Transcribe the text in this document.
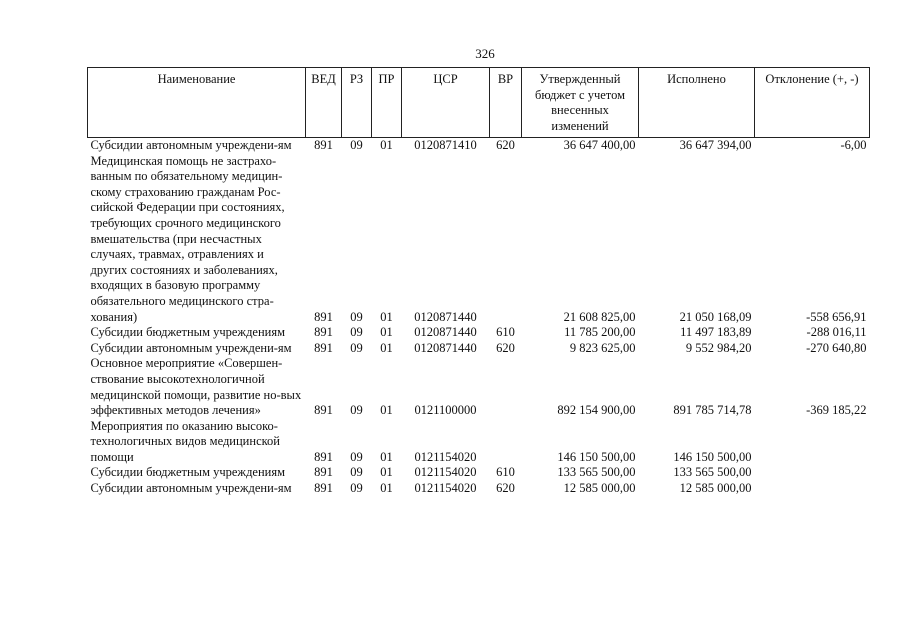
326
Наименование	ВЕД	РЗ	ПР	ЦСР	ВР	Утвержденный бюджет с учетом внесенных изменений	Исполнено	Отклонение (+, -)
Субсидии автономным учреждени-ям	891	09	01	0120871410	620	36 647 400,00	36 647 394,00	-6,00
Медицинская помощь не застрахо-ванным по обязательному медицин-скому страхованию гражданам Рос-сийской Федерации при состояниях, требующих срочного медицинского вмешательства (при несчастных случаях, травмах, отравлениях и других состояниях и заболеваниях, входящих в базовую программу обязательного медицинского стра-хования)	891	09	01	0120871440		21 608 825,00	21 050 168,09	-558 656,91
Субсидии бюджетным учреждениям	891	09	01	0120871440	610	11 785 200,00	11 497 183,89	-288 016,11
Субсидии автономным учреждени-ям	891	09	01	0120871440	620	9 823 625,00	9 552 984,20	-270 640,80
Основное мероприятие «Совершен-ствование высокотехнологичной медицинской помощи, развитие но-вых эффективных методов лечения»	891	09	01	0121100000		892 154 900,00	891 785 714,78	-369 185,22
Мероприятия по оказанию высоко-технологичных видов медицинской помощи	891	09	01	0121154020		146 150 500,00	146 150 500,00	
Субсидии бюджетным учреждениям	891	09	01	0121154020	610	133 565 500,00	133 565 500,00	
Субсидии автономным учреждени-ям	891	09	01	0121154020	620	12 585 000,00	12 585 000,00	
